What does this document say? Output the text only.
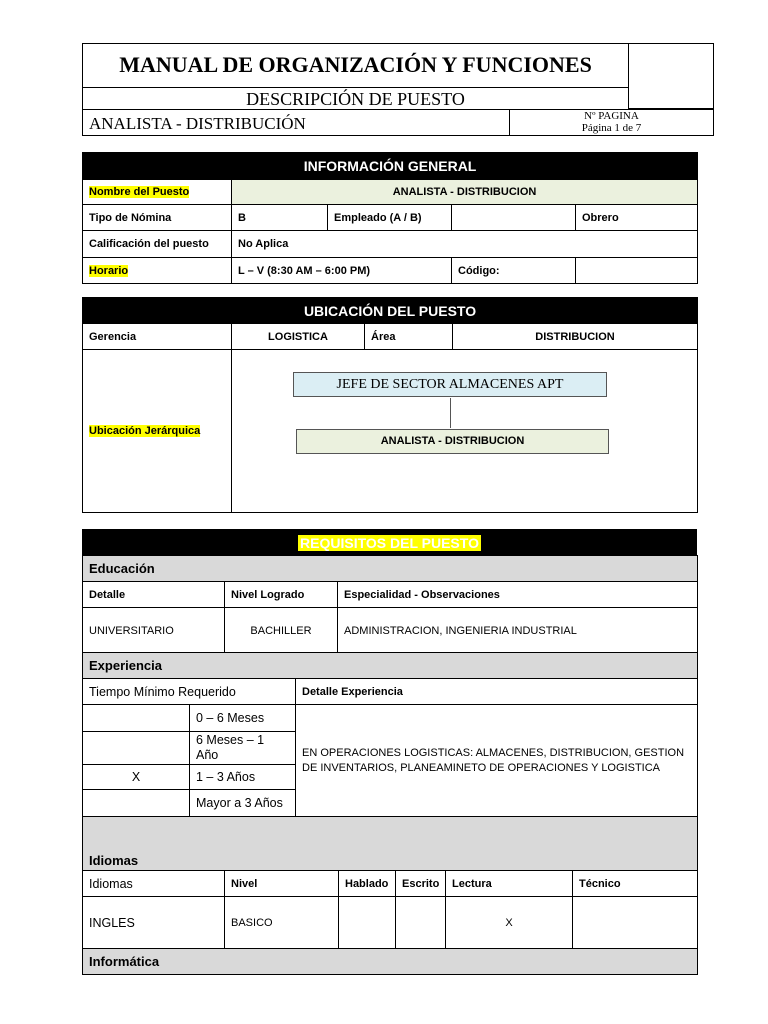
MANUAL DE ORGANIZACIÓN Y FUNCIONES
DESCRIPCIÓN DE PUESTO
ANALISTA - DISTRIBUCIÓN	Nº PAGINA
Página 1 de 7
INFORMACIÓN GENERAL				
Nombre del Puesto	ANALISTA - DISTRIBUCION			
Tipo de Nómina	B	Empleado (A / B)		Obrero
Calificación del puesto	No Aplica			
Horario	L – V (8:30 AM – 6:00 PM)		Código:	
UBICACIÓN DEL PUESTO			
Gerencia	LOGISTICA	Área	DISTRIBUCION
Ubicación Jerárquica			
JEFE DE SECTOR ALMACENES APT
ANALISTA - DISTRIBUCION
REQUISITOS DEL PUESTO
Educación		
Detalle	Nivel Logrado	Especialidad - Observaciones
UNIVERSITARIO	BACHILLER	ADMINISTRACION, INGENIERIA INDUSTRIAL
Experiencia		
Tiempo Mínimo Requerido		Detalle Experiencia
	0 – 6 Meses	EN OPERACIONES LOGISTICAS: ALMACENES, DISTRIBUCION, GESTION DE INVENTARIOS, PLANEAMINETO DE OPERACIONES Y LOGISTICA
	6 Meses – 1 Año	
X	1 – 3 Años	
	Mayor a 3 Años	
Idiomas					
Idiomas	Nivel	Hablado	Escrito	Lectura	Técnico
INGLES	BASICO			X	
Informática					
